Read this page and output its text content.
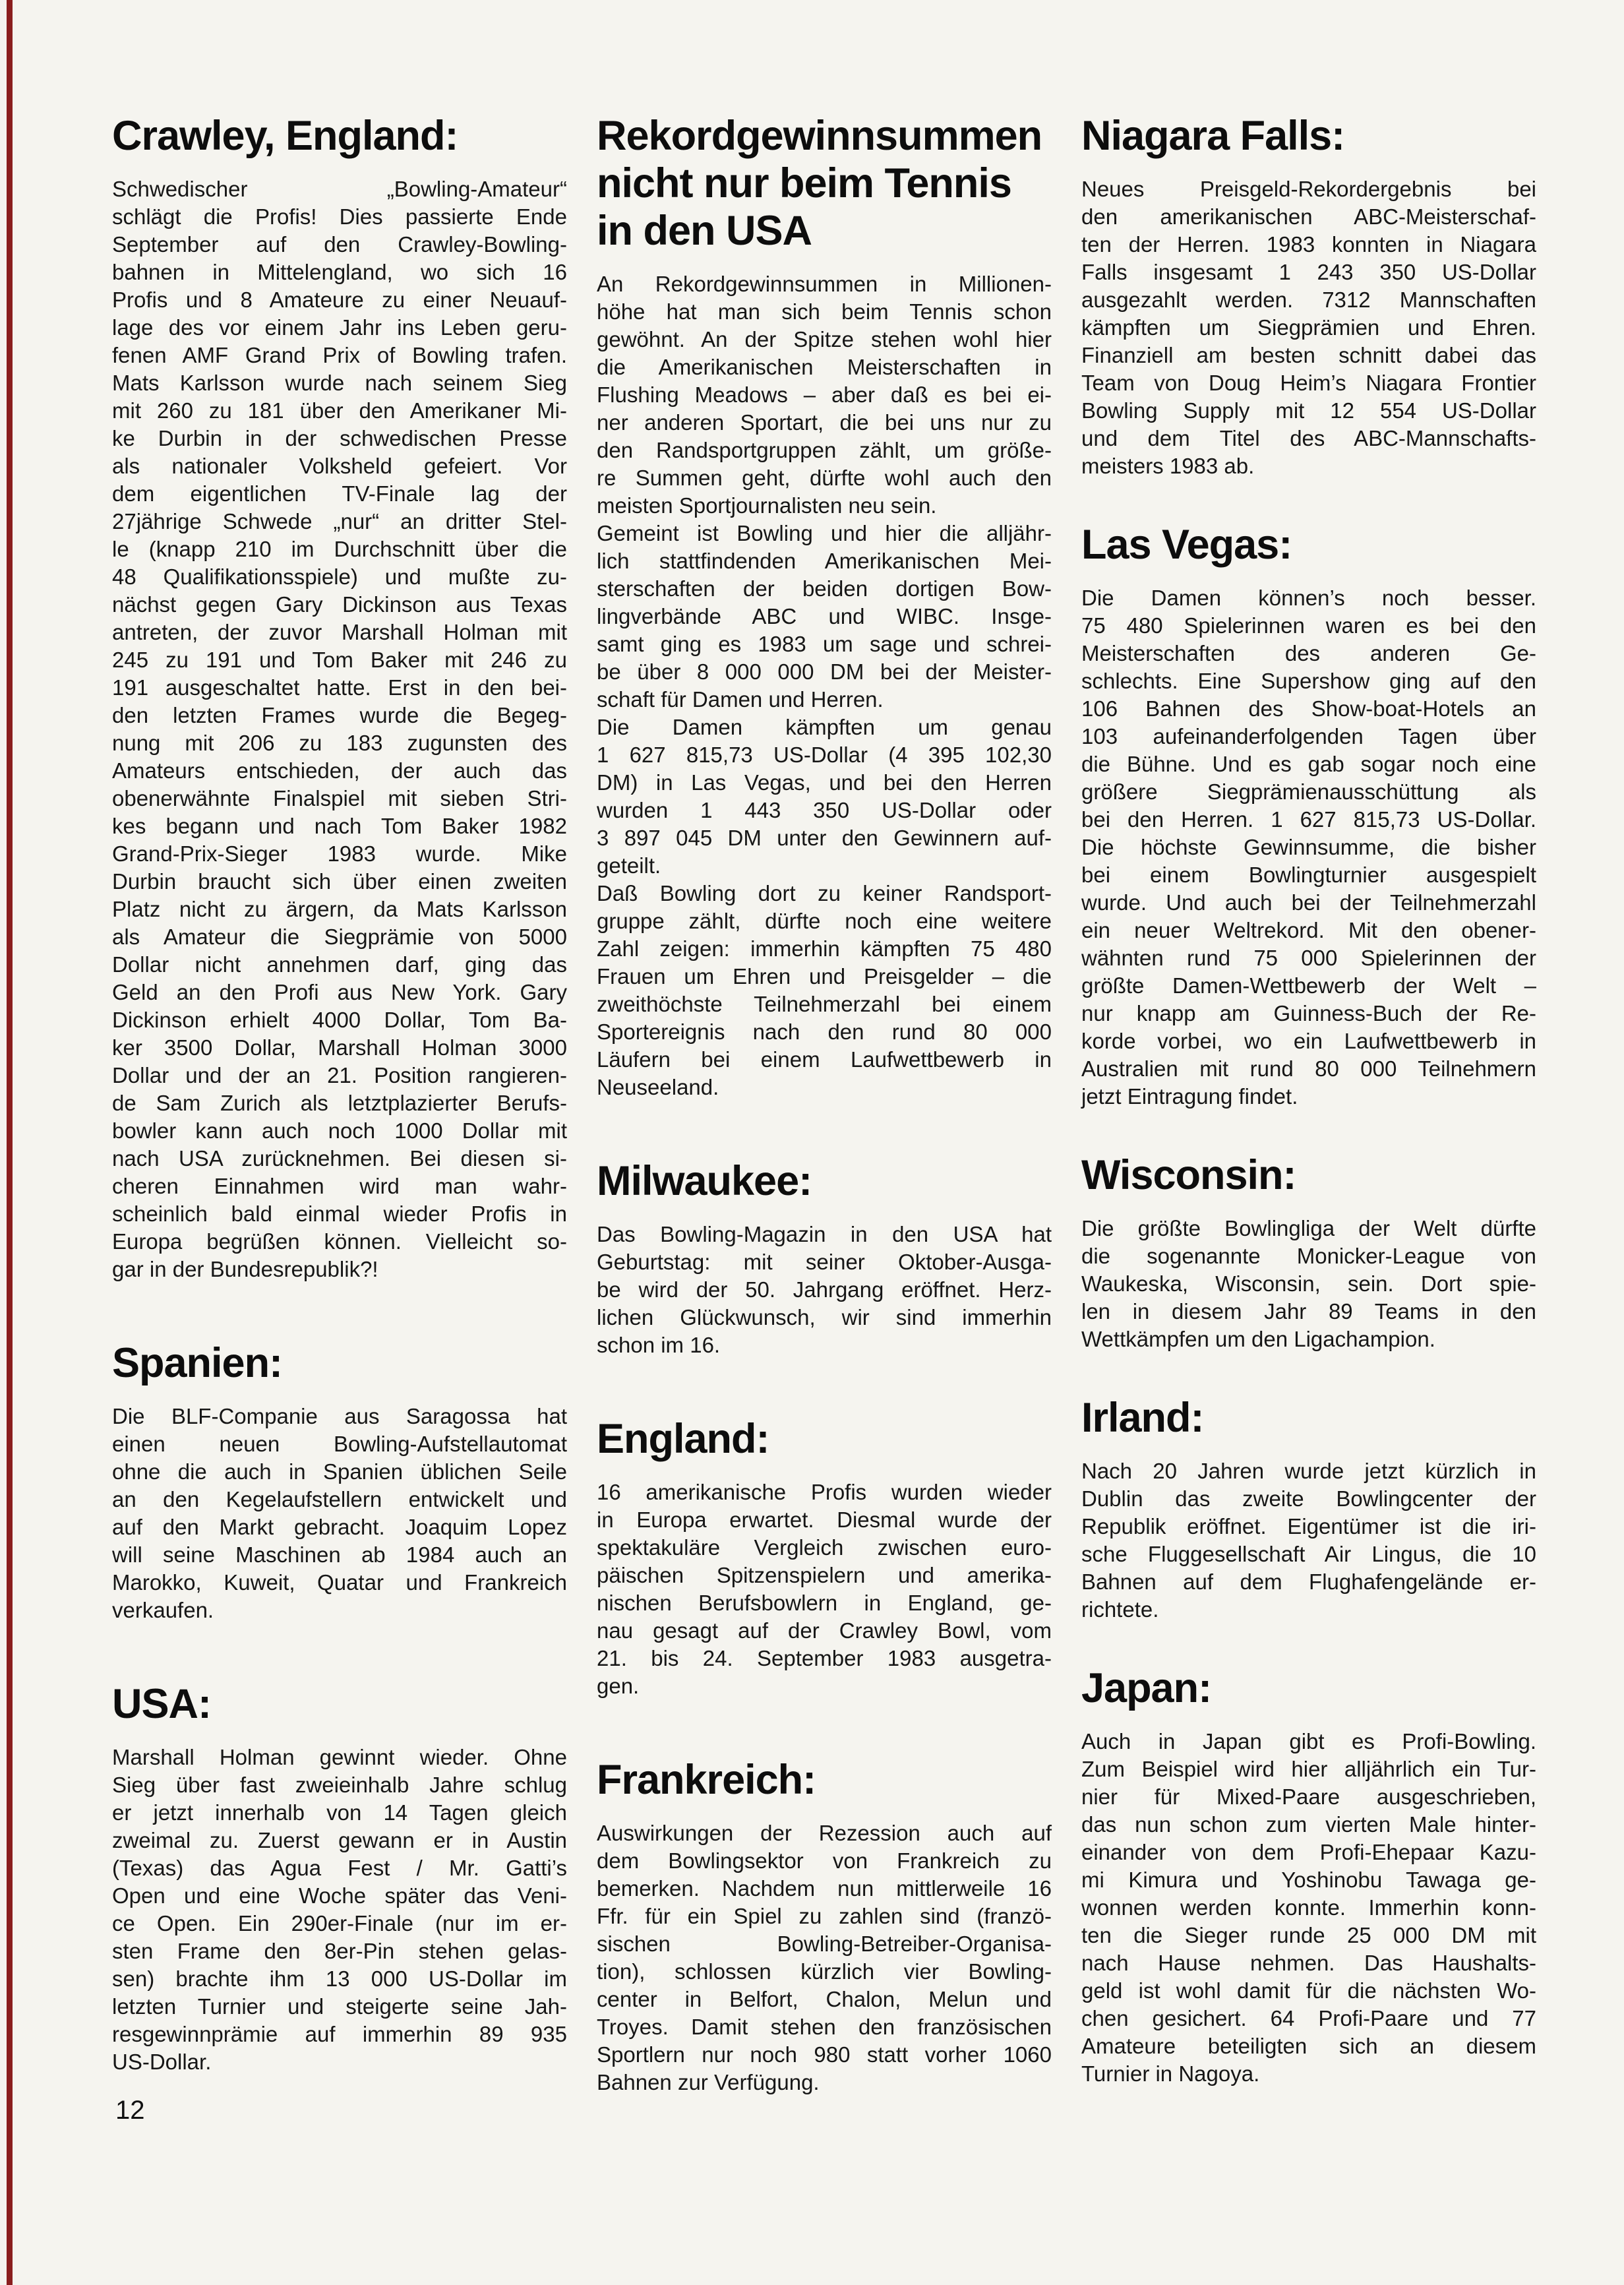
Crawley, England:
Schwedischer „Bowling-Amateur“
schlägt die Profis! Dies passierte Ende
September auf den Crawley-Bowling-
bahnen in Mittelengland, wo sich 16
Profis und 8 Amateure zu einer Neuauf-
lage des vor einem Jahr ins Leben geru-
fenen AMF Grand Prix of Bowling trafen.
Mats Karlsson wurde nach seinem Sieg
mit 260 zu 181 über den Amerikaner Mi-
ke Durbin in der schwedischen Presse
als nationaler Volksheld gefeiert. Vor
dem eigentlichen TV-Finale lag der
27jährige Schwede „nur“ an dritter Stel-
le (knapp 210 im Durchschnitt über die
48 Qualifikationsspiele) und mußte zu-
nächst gegen Gary Dickinson aus Texas
antreten, der zuvor Marshall Holman mit
245 zu 191 und Tom Baker mit 246 zu
191 ausgeschaltet hatte. Erst in den bei-
den letzten Frames wurde die Begeg-
nung mit 206 zu 183 zugunsten des
Amateurs entschieden, der auch das
obenerwähnte Finalspiel mit sieben Stri-
kes begann und nach Tom Baker 1982
Grand-Prix-Sieger 1983 wurde. Mike
Durbin braucht sich über einen zweiten
Platz nicht zu ärgern, da Mats Karlsson
als Amateur die Siegprämie von 5000
Dollar nicht annehmen darf, ging das
Geld an den Profi aus New York. Gary
Dickinson erhielt 4000 Dollar, Tom Ba-
ker 3500 Dollar, Marshall Holman 3000
Dollar und der an 21. Position rangieren-
de Sam Zurich als letztplazierter Berufs-
bowler kann auch noch 1000 Dollar mit
nach USA zurücknehmen. Bei diesen si-
cheren Einnahmen wird man wahr-
scheinlich bald einmal wieder Profis in
Europa begrüßen können. Vielleicht so-
gar in der Bundesrepublik?!
Spanien:
Die BLF-Companie aus Saragossa hat
einen neuen Bowling-Aufstellautomat
ohne die auch in Spanien üblichen Seile
an den Kegelaufstellern entwickelt und
auf den Markt gebracht. Joaquim Lopez
will seine Maschinen ab 1984 auch an
Marokko, Kuweit, Quatar und Frankreich
verkaufen.
USA:
Marshall Holman gewinnt wieder. Ohne
Sieg über fast zweieinhalb Jahre schlug
er jetzt innerhalb von 14 Tagen gleich
zweimal zu. Zuerst gewann er in Austin
(Texas) das Agua Fest / Mr. Gatti’s
Open und eine Woche später das Veni-
ce Open. Ein 290er-Finale (nur im er-
sten Frame den 8er-Pin stehen gelas-
sen) brachte ihm 13 000 US-Dollar im
letzten Turnier und steigerte seine Jah-
resgewinnprämie auf immerhin 89 935
US-Dollar.
Rekordgewinnsummen
nicht nur beim Tennis
in den USA
An Rekordgewinnsummen in Millionen-
höhe hat man sich beim Tennis schon
gewöhnt. An der Spitze stehen wohl hier
die Amerikanischen Meisterschaften in
Flushing Meadows – aber daß es bei ei-
ner anderen Sportart, die bei uns nur zu
den Randsportgruppen zählt, um größe-
re Summen geht, dürfte wohl auch den
meisten Sportjournalisten neu sein.
Gemeint ist Bowling und hier die alljähr-
lich stattfindenden Amerikanischen Mei-
sterschaften der beiden dortigen Bow-
lingverbände ABC und WIBC. Insge-
samt ging es 1983 um sage und schrei-
be über 8 000 000 DM bei der Meister-
schaft für Damen und Herren.
Die Damen kämpften um genau
1 627 815,73 US-Dollar (4 395 102,30
DM) in Las Vegas, und bei den Herren
wurden 1 443 350 US-Dollar oder
3 897 045 DM unter den Gewinnern auf-
geteilt.
Daß Bowling dort zu keiner Randsport-
gruppe zählt, dürfte noch eine weitere
Zahl zeigen: immerhin kämpften 75 480
Frauen um Ehren und Preisgelder – die
zweithöchste Teilnehmerzahl bei einem
Sportereignis nach den rund 80 000
Läufern bei einem Laufwettbewerb in
Neuseeland.
Milwaukee:
Das Bowling-Magazin in den USA hat
Geburtstag: mit seiner Oktober-Ausga-
be wird der 50. Jahrgang eröffnet. Herz-
lichen Glückwunsch, wir sind immerhin
schon im 16.
England:
16 amerikanische Profis wurden wieder
in Europa erwartet. Diesmal wurde der
spektakuläre Vergleich zwischen euro-
päischen Spitzenspielern und amerika-
nischen Berufsbowlern in England, ge-
nau gesagt auf der Crawley Bowl, vom
21. bis 24. September 1983 ausgetra-
gen.
Frankreich:
Auswirkungen der Rezession auch auf
dem Bowlingsektor von Frankreich zu
bemerken. Nachdem nun mittlerweile 16
Ffr. für ein Spiel zu zahlen sind (franzö-
sischen Bowling-Betreiber-Organisa-
tion), schlossen kürzlich vier Bowling-
center in Belfort, Chalon, Melun und
Troyes. Damit stehen den französischen
Sportlern nur noch 980 statt vorher 1060
Bahnen zur Verfügung.
Niagara Falls:
Neues Preisgeld-Rekordergebnis bei
den amerikanischen ABC-Meisterschaf-
ten der Herren. 1983 konnten in Niagara
Falls insgesamt 1 243 350 US-Dollar
ausgezahlt werden. 7312 Mannschaften
kämpften um Siegprämien und Ehren.
Finanziell am besten schnitt dabei das
Team von Doug Heim’s Niagara Frontier
Bowling Supply mit 12 554 US-Dollar
und dem Titel des ABC-Mannschafts-
meisters 1983 ab.
Las Vegas:
Die Damen können’s noch besser.
75 480 Spielerinnen waren es bei den
Meisterschaften des anderen Ge-
schlechts. Eine Supershow ging auf den
106 Bahnen des Show-boat-Hotels an
103 aufeinanderfolgenden Tagen über
die Bühne. Und es gab sogar noch eine
größere Siegprämienausschüttung als
bei den Herren. 1 627 815,73 US-Dollar.
Die höchste Gewinnsumme, die bisher
bei einem Bowlingturnier ausgespielt
wurde. Und auch bei der Teilnehmerzahl
ein neuer Weltrekord. Mit den obener-
wähnten rund 75 000 Spielerinnen der
größte Damen-Wettbewerb der Welt –
nur knapp am Guinness-Buch der Re-
korde vorbei, wo ein Laufwettbewerb in
Australien mit rund 80 000 Teilnehmern
jetzt Eintragung findet.
Wisconsin:
Die größte Bowlingliga der Welt dürfte
die sogenannte Monicker-League von
Waukeska, Wisconsin, sein. Dort spie-
len in diesem Jahr 89 Teams in den
Wettkämpfen um den Ligachampion.
Irland:
Nach 20 Jahren wurde jetzt kürzlich in
Dublin das zweite Bowlingcenter der
Republik eröffnet. Eigentümer ist die iri-
sche Fluggesellschaft Air Lingus, die 10
Bahnen auf dem Flughafengelände er-
richtete.
Japan:
Auch in Japan gibt es Profi-Bowling.
Zum Beispiel wird hier alljährlich ein Tur-
nier für Mixed-Paare ausgeschrieben,
das nun schon zum vierten Male hinter-
einander von dem Profi-Ehepaar Kazu-
mi Kimura und Yoshinobu Tawaga ge-
wonnen werden konnte. Immerhin konn-
ten die Sieger runde 25 000 DM mit
nach Hause nehmen. Das Haushalts-
geld ist wohl damit für die nächsten Wo-
chen gesichert. 64 Profi-Paare und 77
Amateure beteiligten sich an diesem
Turnier in Nagoya.
12
